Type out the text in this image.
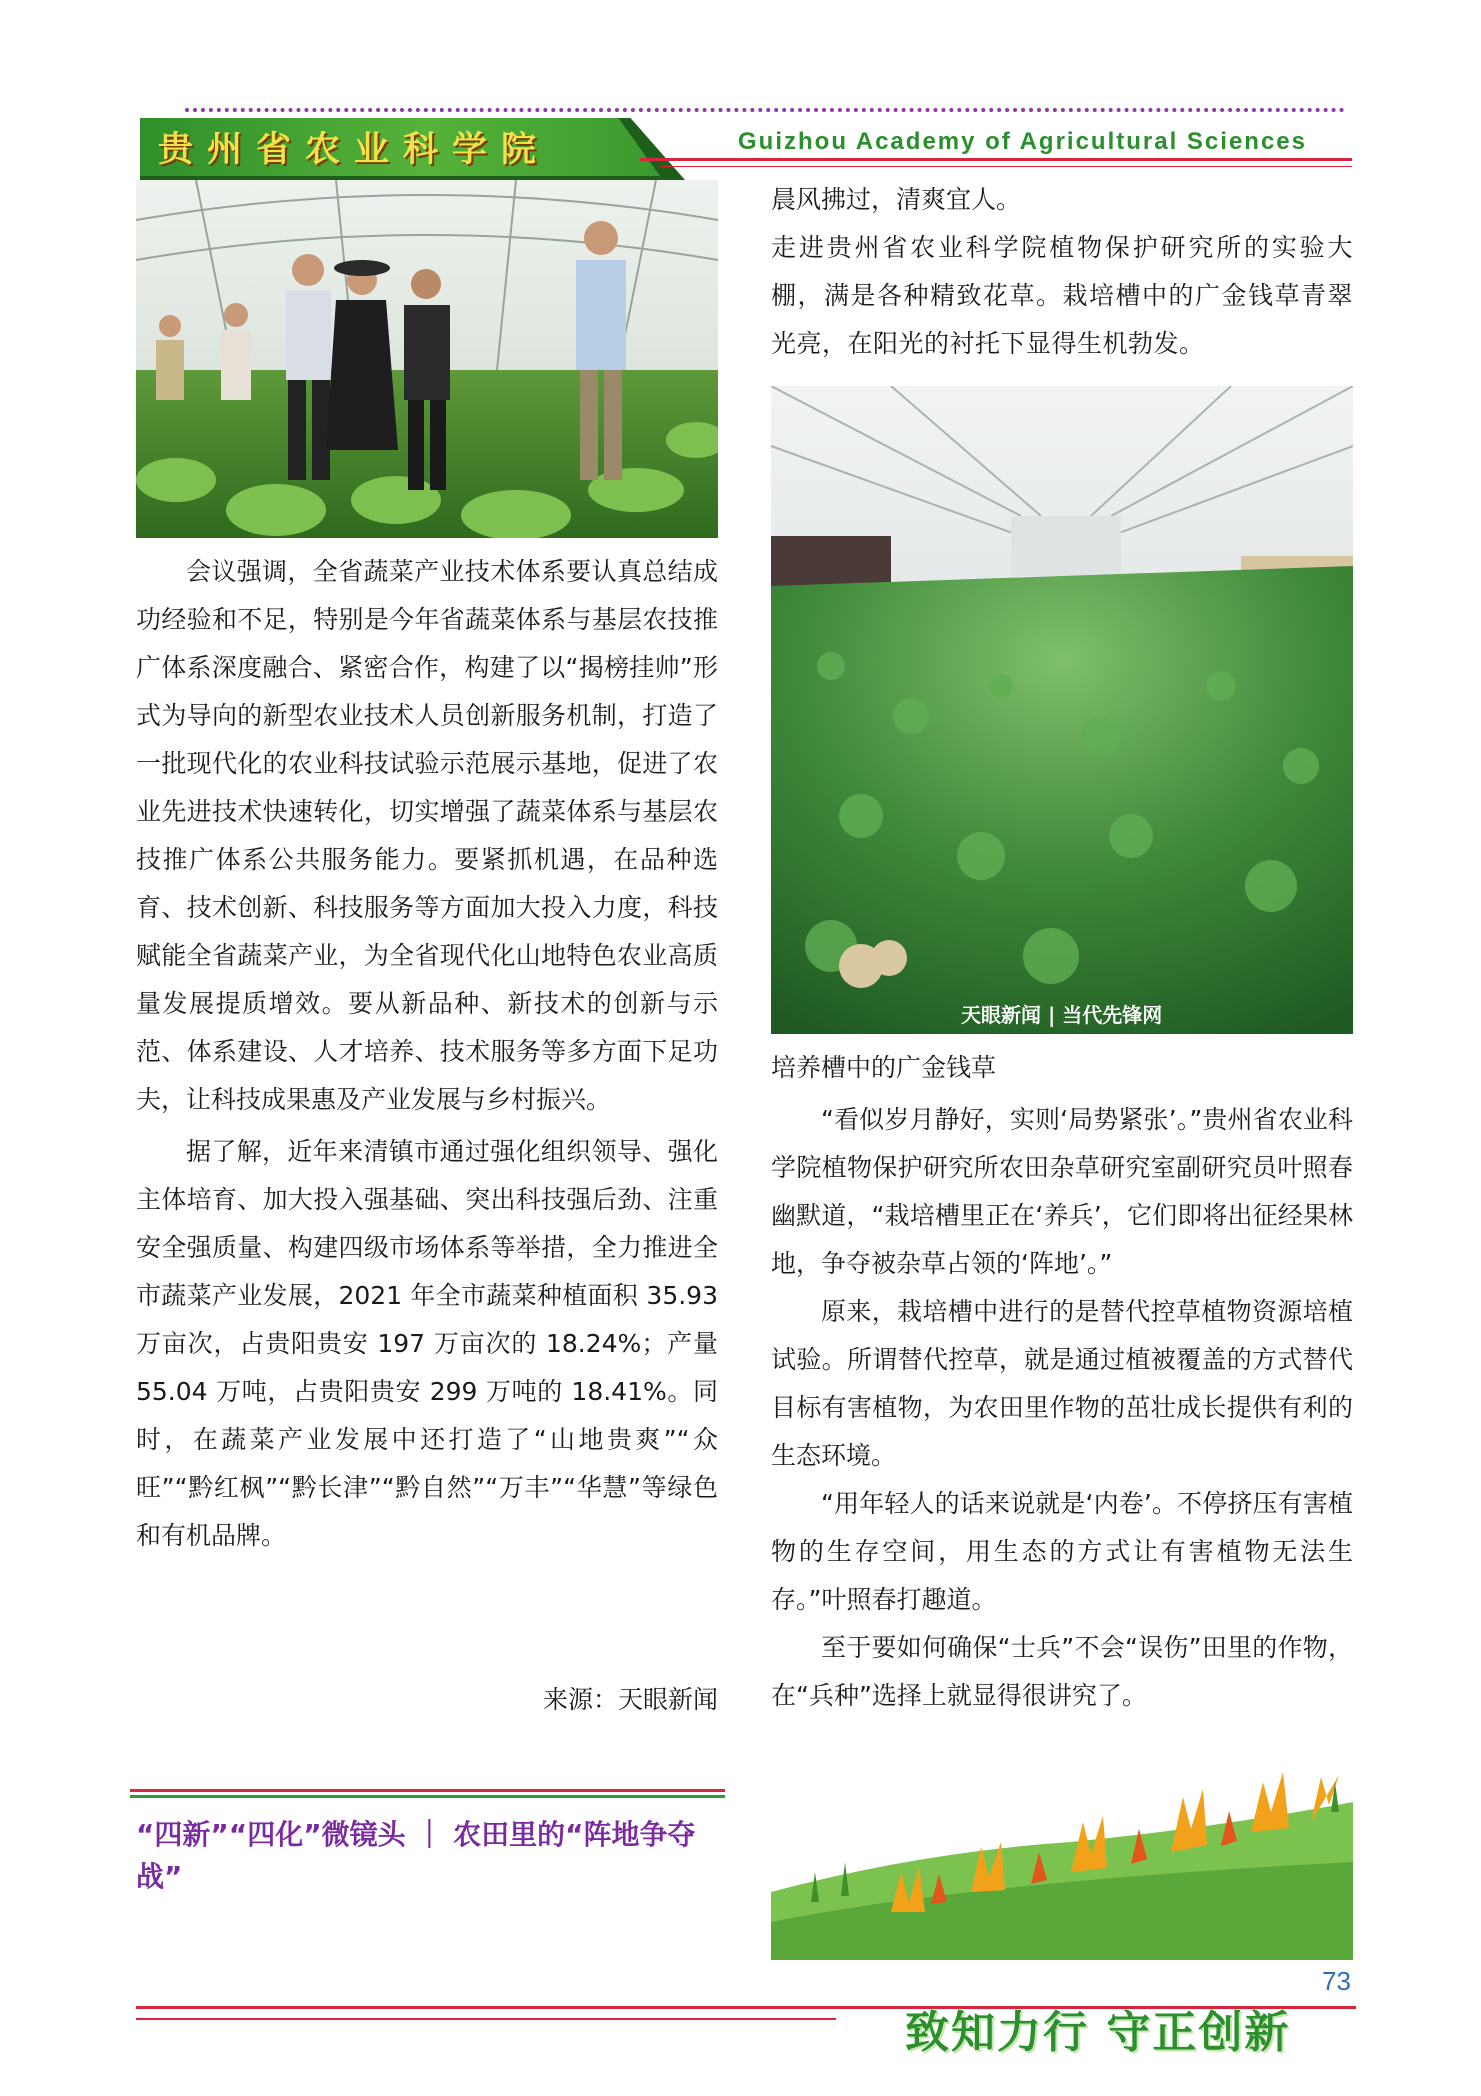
贵州省农业科学院	Guizhou Academy of Agricultural Sciences

会议强调，全省蔬菜产业技术体系要认真总结成功经验和不足，特别是今年省蔬菜体系与基层农技推广体系深度融合、紧密合作，构建了以“揭榜挂帅”形式为导向的新型农业技术人员创新服务机制，打造了一批现代化的农业科技试验示范展示基地，促进了农业先进技术快速转化，切实增强了蔬菜体系与基层农技推广体系公共服务能力。要紧抓机遇，在品种选育、技术创新、科技服务等方面加大投入力度，科技赋能全省蔬菜产业，为全省现代化山地特色农业高质量发展提质增效。要从新品种、新技术的创新与示范、体系建设、人才培养、技术服务等多方面下足功夫，让科技成果惠及产业发展与乡村振兴。

据了解，近年来清镇市通过强化组织领导、强化主体培育、加大投入强基础、突出科技强后劲、注重安全强质量、构建四级市场体系等举措，全力推进全市蔬菜产业发展，2021 年全市蔬菜种植面积 35.93 万亩次，占贵阳贵安 197 万亩次的 18.24%；产量 55.04 万吨，占贵阳贵安 299 万吨的 18.41%。同时，在蔬菜产业发展中还打造了“山地贵爽”“众旺”“黔红枫”“黔长津”“黔自然”“万丰”“华慧”等绿色和有机品牌。

来源：天眼新闻
“四新”“四化”微镜头 ｜ 农田里的“阵地争夺战”

晨风拂过，清爽宜人。

走进贵州省农业科学院植物保护研究所的实验大棚，满是各种精致花草。栽培槽中的广金钱草青翠光亮，在阳光的衬托下显得生机勃发。

天眼新闻 | 当代先锋网
培养槽中的广金钱草

“看似岁月静好，实则‘局势紧张’。”贵州省农业科学院植物保护研究所农田杂草研究室副研究员叶照春幽默道，“栽培槽里正在‘养兵’，它们即将出征经果林地，争夺被杂草占领的‘阵地’。”

原来，栽培槽中进行的是替代控草植物资源培植试验。所谓替代控草，就是通过植被覆盖的方式替代目标有害植物，为农田里作物的茁壮成长提供有利的生态环境。

“用年轻人的话来说就是‘内卷’。不停挤压有害植物的生存空间，用生态的方式让有害植物无法生存。”叶照春打趣道。

至于要如何确保“士兵”不会“误伤”田里的作物，在“兵种”选择上就显得很讲究了。

73
致知力行 守正创新
